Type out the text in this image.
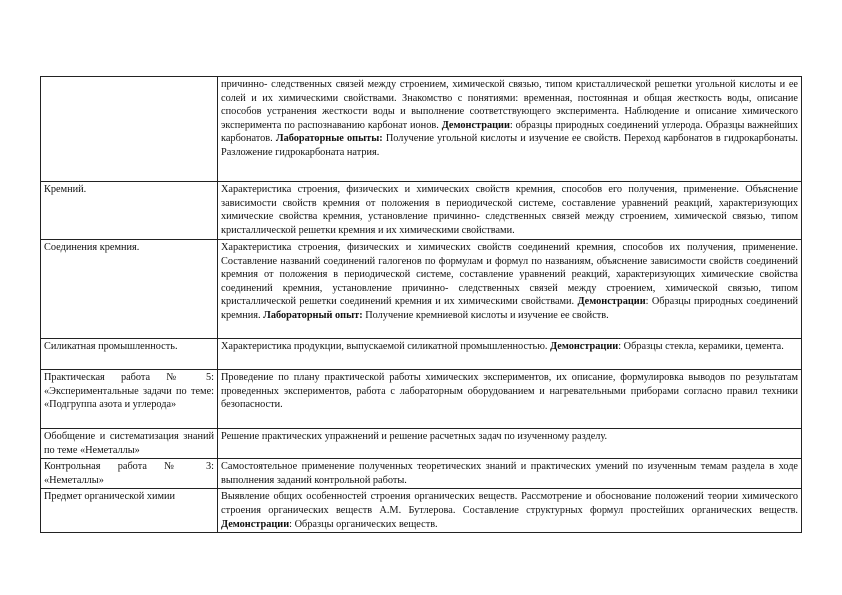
	причинно- следственных связей между строением, химической связью, типом кристаллической решетки угольной кислоты и ее солей и их химическими свойствами. Знакомство с понятиями: временная, постоянная и общая жесткость воды, описание способов устранения жесткости воды и выполнение соответствующего эксперимента. Наблюдение и описание химического эксперимента по распознаванию карбонат ионов. Демонстрации: образцы природных соединений углерода. Образцы важнейших карбонатов. Лабораторные опыты: Получение угольной кислоты и изучение ее свойств. Переход карбонатов в гидрокарбонаты. Разложение гидрокарбоната натрия.
Кремний.	Характеристика строения, физических и химических свойств кремния, способов его получения, применение. Объяснение зависимости свойств кремния от положения в периодической системе, составление уравнений реакций, характеризующих химические свойства кремния, установление причинно- следственных связей между строением, химической связью, типом кристаллической решетки кремния и их химическими свойствами.
Соединения кремния.	Характеристика строения, физических и химических свойств соединений кремния, способов их получения, применение. Составление названий соединений галогенов по формулам и формул по названиям, объяснение зависимости свойств соединений кремния от положения в периодической системе, составление уравнений реакций, характеризующих химические свойства соединений кремния, установление причинно- следственных связей между строением, химической связью, типом кристаллической решетки соединений кремния и их химическими свойствами. Демонстрации: Образцы природных соединений кремния. Лабораторный опыт: Получение кремниевой кислоты и изучение ее свойств.
Силикатная промышленность.	Характеристика продукции, выпускаемой силикатной промышленностью. Демонстрации: Образцы стекла, керамики, цемента.
Практическая работа № 5: «Экспериментальные задачи по теме: «Подгруппа азота и углерода»	Проведение по плану практической работы химических экспериментов, их описание, формулировка выводов по результатам проведенных экспериментов, работа с лабораторным оборудованием и нагревательными приборами согласно правил техники безопасности.
Обобщение и систематизация знаний по теме «Неметаллы»	Решение практических упражнений и решение расчетных задач по изученному разделу.
Контрольная работа № 3: «Неметаллы»	Самостоятельное применение полученных теоретических знаний и практических умений по изученным темам раздела в ходе выполнения заданий контрольной работы.
Предмет органической химии	Выявление общих особенностей строения органических веществ. Рассмотрение и обоснование положений теории химического строения органических веществ А.М. Бутлерова. Составление структурных формул простейших органических веществ. Демонстрации: Образцы органических веществ.
